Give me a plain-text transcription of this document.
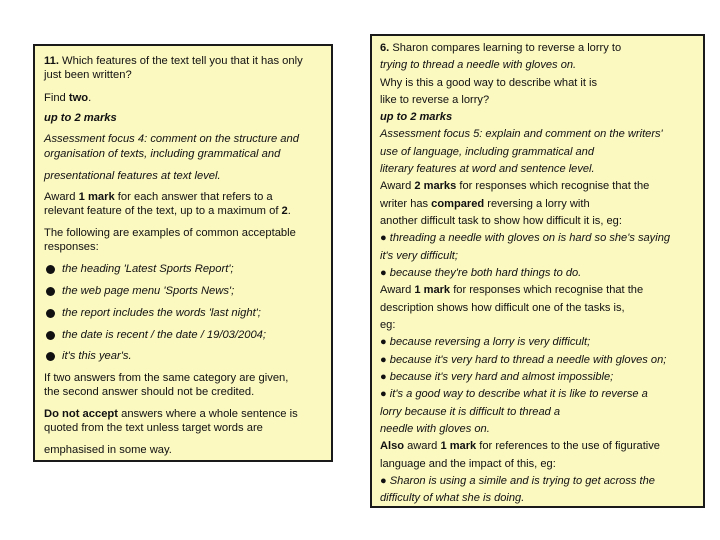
11. Which features of the text tell you that it has only
just been written?
Find two.
up to 2 marks
Assessment focus 4: comment on the structure and
organisation of texts, including grammatical and
presentational features at text level.
Award 1 mark for each answer that refers to a
relevant feature of the text, up to a maximum of 2.
The following are examples of common acceptable
responses:
the heading 'Latest Sports Report';
the web page menu 'Sports News';
the report includes the words 'last night';
the date is recent / the date / 19/03/2004;
it's this year's.
If two answers from the same category are given,
the second answer should not be credited.
Do not accept answers where a whole sentence is
quoted from the text unless target words are
emphasised in some way.
6. Sharon compares learning to reverse a lorry to
trying to thread a needle with gloves on.
Why is this a good way to describe what it is
like to reverse a lorry?
up to 2 marks
Assessment focus 5: explain and comment on the writers'
use of language, including grammatical and
literary features at word and sentence level.
Award 2 marks for responses which recognise that the
writer has compared reversing a lorry with
another difficult task to show how difficult it is, eg:
● threading a needle with gloves on is hard so she's saying
it's very difficult;
● because they're both hard things to do.
Award 1 mark for responses which recognise that the
description shows how difficult one of the tasks is,
eg:
● because reversing a lorry is very difficult;
● because it's very hard to thread a needle with gloves on;
● because it's very hard and almost impossible;
● it's a good way to describe what it is like to reverse a
lorry because it is difficult to thread a
needle with gloves on.
Also award 1 mark for references to the use of figurative
language and the impact of this, eg:
● Sharon is using a simile and is trying to get across the
difficulty of what she is doing.
